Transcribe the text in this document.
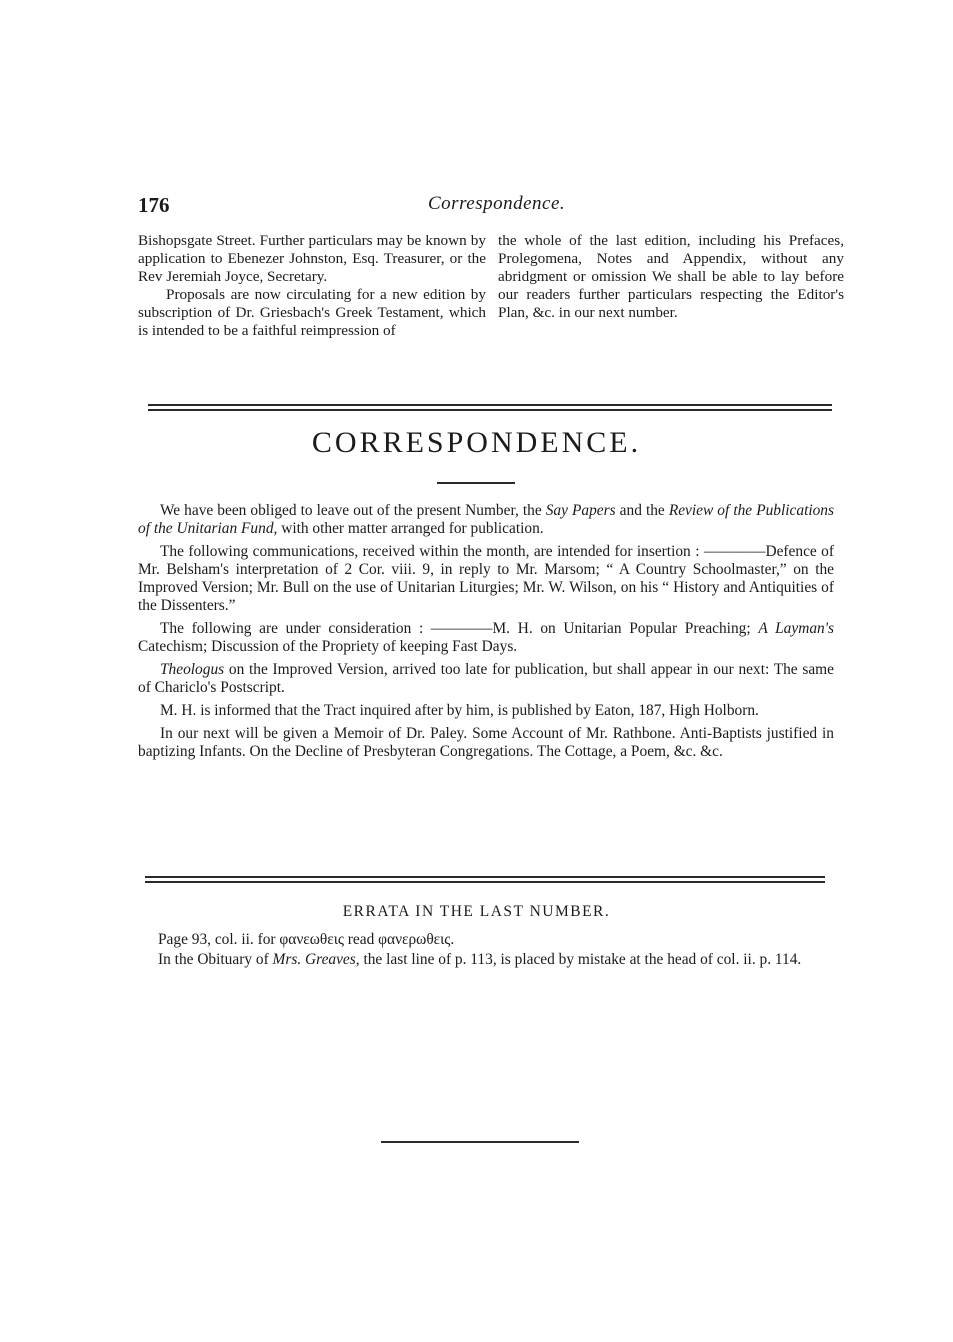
176	Correspondence.

Bishopsgate Street. Further particulars may be known by application to Ebenezer Johnston, Esq. Treasurer, or the Rev Jeremiah Joyce, Secretary.

Proposals are now circulating for a new edition by subscription of Dr. Griesbach's Greek Testament, which is intended to be a faithful reimpression of

the whole of the last edition, including his Prefaces, Prolegomena, Notes and Appendix, without any abridgment or omission We shall be able to lay before our readers further particulars respecting the Editor's Plan, &c. in our next number.

CORRESPONDENCE.

We have been obliged to leave out of the present Number, the Say Papers and the Review of the Publications of the Unitarian Fund, with other matter arranged for publication.

The following communications, received within the month, are intended for insertion : ————Defence of Mr. Belsham's interpretation of 2 Cor. viii. 9, in reply to Mr. Marsom; “ A Country Schoolmaster,” on the Improved Version; Mr. Bull on the use of Unitarian Liturgies; Mr. W. Wilson, on his “ History and Antiquities of the Dissenters.”

The following are under consideration : ————M. H. on Unitarian Popular Preaching; A Layman's Catechism; Discussion of the Propriety of keeping Fast Days.

Theologus on the Improved Version, arrived too late for publication, but shall appear in our next: The same of Chariclo's Postscript.

M. H. is informed that the Tract inquired after by him, is published by Eaton, 187, High Holborn.

In our next will be given a Memoir of Dr. Paley. Some Account of Mr. Rathbone. Anti-Baptists justified in baptizing Infants. On the Decline of Presbyteran Congregations. The Cottage, a Poem, &c. &c.

ERRATA IN THE LAST NUMBER.

Page 93, col. ii. for φανεωθεις read φανερωθεις.

In the Obituary of Mrs. Greaves, the last line of p. 113, is placed by mistake at the head of col. ii. p. 114.
